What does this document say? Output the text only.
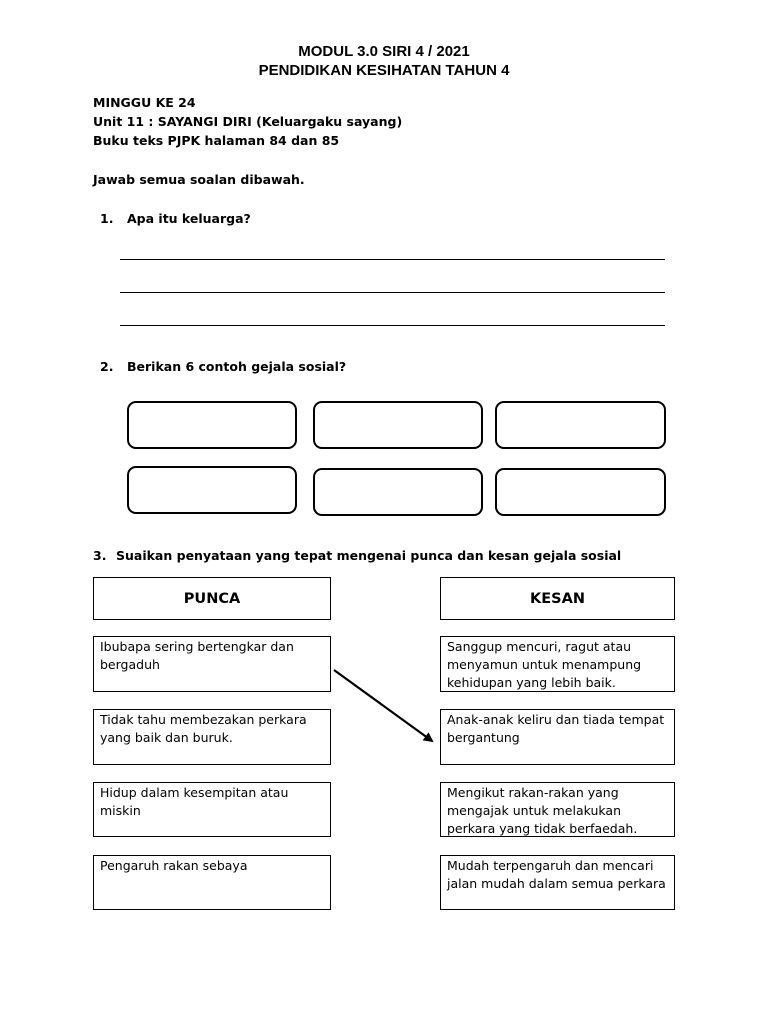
MODUL 3.0 SIRI 4 / 2021
PENDIDIKAN KESIHATAN TAHUN 4
MINGGU KE 24
Unit 11 : SAYANGI DIRI (Keluargaku sayang)
Buku teks PJPK halaman 84 dan 85
Jawab semua soalan dibawah.
1. Apa itu keluarga?
2. Berikan 6 contoh gejala sosial?
3. Suaikan penyataan yang tepat mengenai punca dan kesan gejala sosial
PUNCA	KESAN
Ibubapa sering bertengkar dan bergaduh
Tidak tahu membezakan perkara yang baik dan buruk.
Hidup dalam kesempitan atau miskin
Pengaruh rakan sebaya
Sanggup mencuri, ragut atau menyamun untuk menampung kehidupan yang lebih baik.
Anak-anak keliru dan tiada tempat bergantung
Mengikut rakan-rakan yang mengajak untuk melakukan perkara yang tidak berfaedah.
Mudah terpengaruh dan mencari jalan mudah dalam semua perkara
